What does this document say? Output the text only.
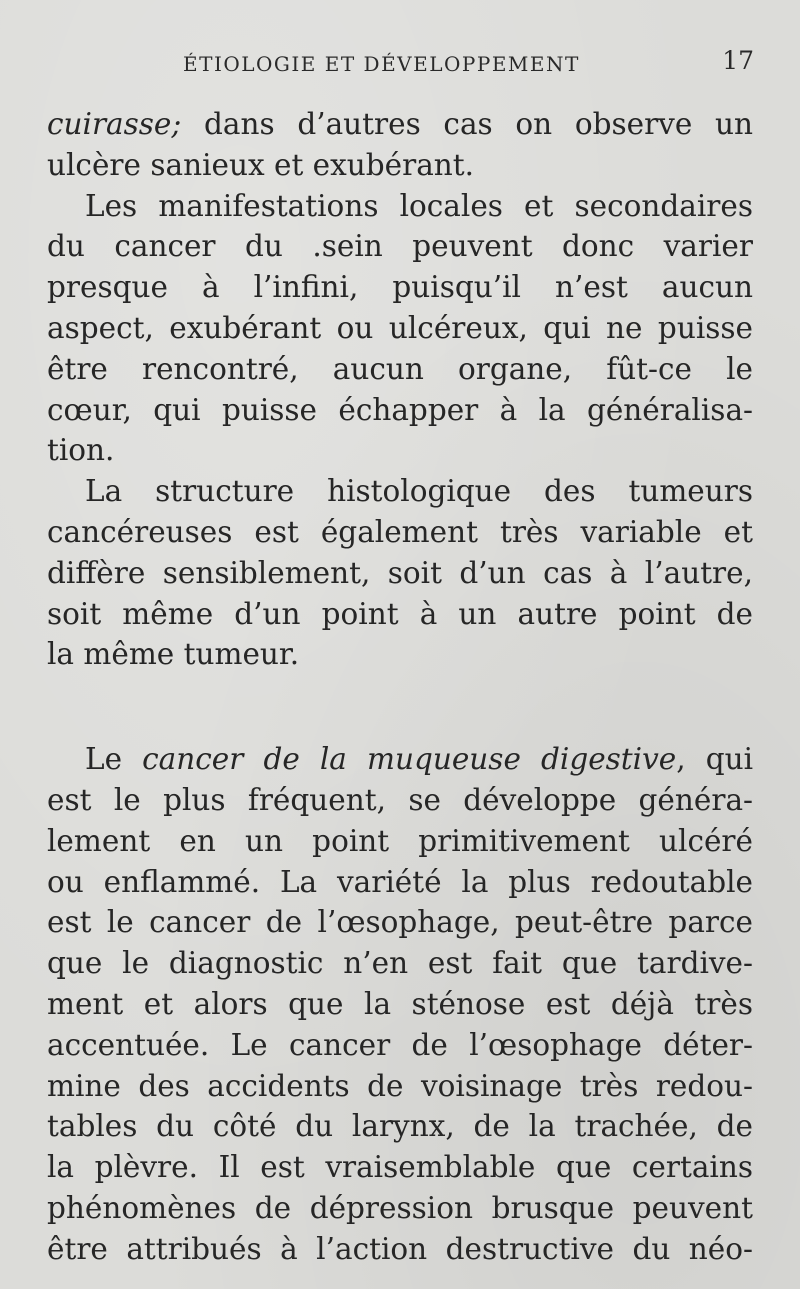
ÉTIOLOGIE ET DÉVELOPPEMENT	17
cuirasse; dans d’autres cas on observe un
ulcère sanieux et exubérant.
Les manifestations locales et secondaires
du cancer du .sein peuvent donc varier
presque à l’infini, puisqu’il n’est aucun
aspect, exubérant ou ulcéreux, qui ne puisse
être rencontré, aucun organe, fût-ce le
cœur, qui puisse échapper à la généralisa-
tion.
La structure histologique des tumeurs
cancéreuses est également très variable et
diffère sensiblement, soit d’un cas à l’autre,
soit même d’un point à un autre point de
la même tumeur.
Le cancer de la muqueuse digestive, qui
est le plus fréquent, se développe généra-
lement en un point primitivement ulcéré
ou enflammé. La variété la plus redoutable
est le cancer de l’œsophage, peut-être parce
que le diagnostic n’en est fait que tardive-
ment et alors que la sténose est déjà très
accentuée. Le cancer de l’œsophage déter-
mine des accidents de voisinage très redou-
tables du côté du larynx, de la trachée, de
la plèvre. Il est vraisemblable que certains
phénomènes de dépression brusque peuvent
être attribués à l’action destructive du néo-
